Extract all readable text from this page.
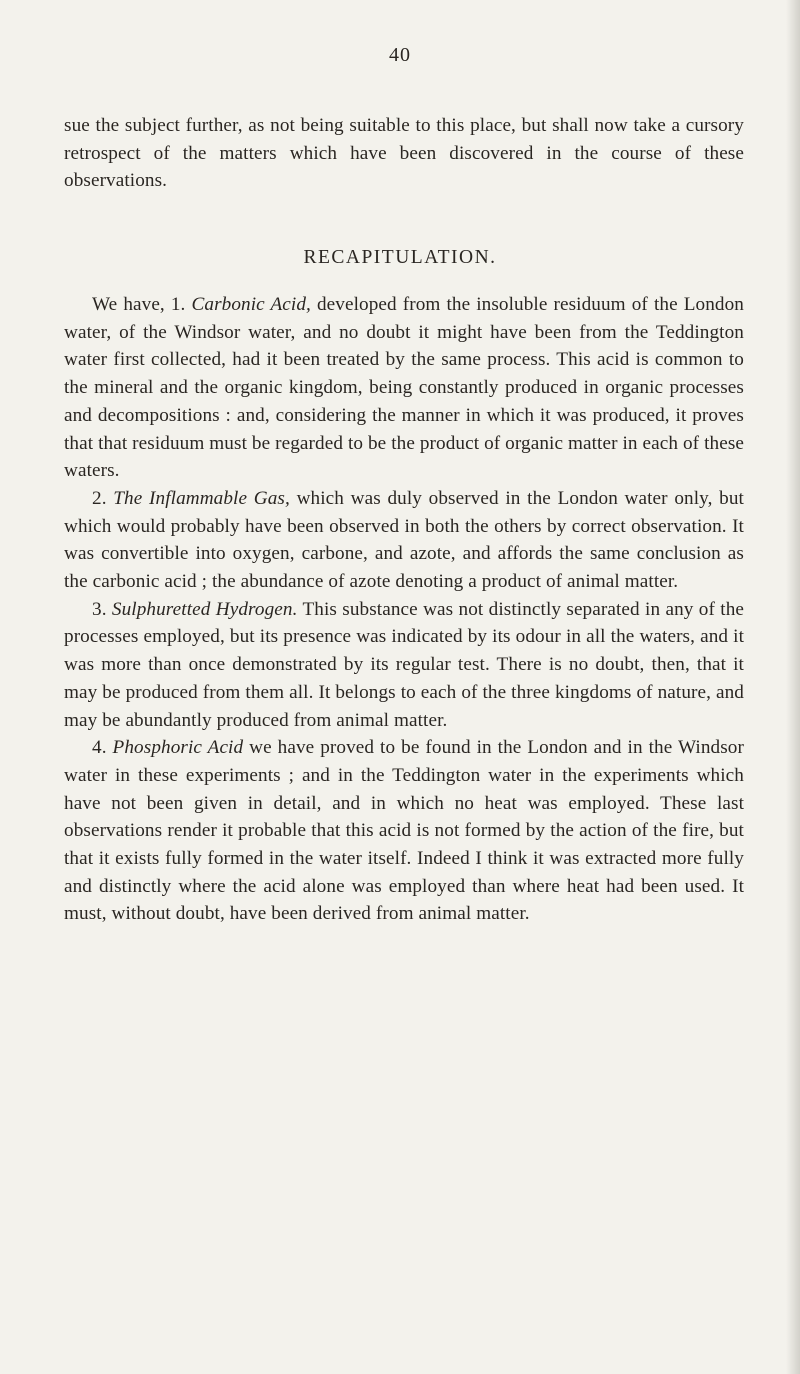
40
sue the subject further, as not being suitable to this place, but shall now take a cursory retrospect of the matters which have been discovered in the course of these observations.
RECAPITULATION.

We have, 1. Carbonic Acid, developed from the insoluble residuum of the London water, of the Windsor water, and no doubt it might have been from the Teddington water first collected, had it been treated by the same process. This acid is common to the mineral and the organic kingdom, being constantly produced in organic processes and decompositions : and, considering the manner in which it was produced, it proves that that residuum must be regarded to be the product of organic matter in each of these waters.

2. The Inflammable Gas, which was duly observed in the London water only, but which would probably have been observed in both the others by correct observation. It was convertible into oxygen, carbone, and azote, and affords the same conclusion as the carbonic acid ; the abundance of azote denoting a product of animal matter.

3. Sulphuretted Hydrogen. This substance was not distinctly separated in any of the processes employed, but its presence was indicated by its odour in all the waters, and it was more than once demonstrated by its regular test. There is no doubt, then, that it may be produced from them all. It belongs to each of the three kingdoms of nature, and may be abundantly produced from animal matter.

4. Phosphoric Acid we have proved to be found in the London and in the Windsor water in these experiments ; and in the Teddington water in the experiments which have not been given in detail, and in which no heat was employed. These last observations render it probable that this acid is not formed by the action of the fire, but that it exists fully formed in the water itself. Indeed I think it was extracted more fully and distinctly where the acid alone was employed than where heat had been used. It must, without doubt, have been derived from animal matter.
